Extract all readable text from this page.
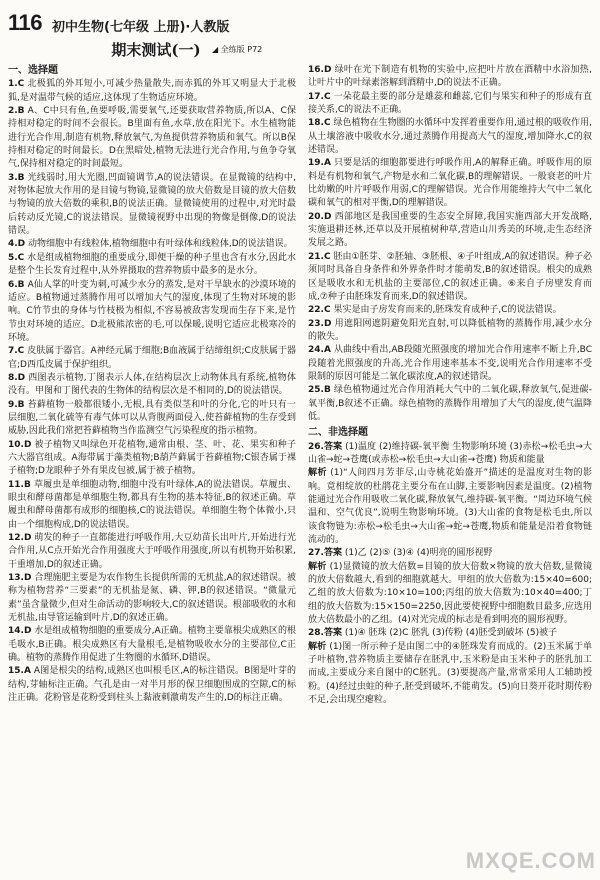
116 初中生物(七年级 上册)·人教版
期末测试(一)	◢ 全练版 P72
一、选择题

1.C 北极狐的外耳短小,可减少热量散失,而赤狐的外耳又明显大于北极狐,是对温带气候的适应,这体现了生物适应环境。

2.B A、C中只有鱼,鱼要呼吸,需要氧气,还要获取营养物质,所以A、C保持相对稳定的时间不会很长。B里面有鱼,水草,放在阳光下。水生植物能进行光合作用,制造有机物,释放氧气,为鱼提供营养物质和氧气。所以B保持相对稳定的时间最长。D在黑暗处,植物无法进行光合作用,与鱼争夺氧气,保持相对稳定的时间最短。

3.B 光线弱时,用大光圈,凹面镜调节,A的说法错误。在显微镜的结构中,对物体起放大作用的是目镜与物镜,显微镜的放大倍数是目镜的放大倍数与物镜的放大倍数的乘积,B的说法正确。显微镜使用的过程中,对光时最后转动反光镜,C的说法错误。显微镜视野中出现的物像是倒像,D的说法错误。

4.D 动物细胞中有线粒体,植物细胞中有叶绿体和线粒体,D的说法错误。

5.C 水是组成植物细胞的重要成分,即便干燥的种子里也含有水分,因此水是整个生长发育过程中,从外界摄取的营养物质中最多的是水分。

6.B A仙人掌的叶变为刺,可减少水分的蒸发,是对干旱缺水的沙漠环境的适应。B植物通过蒸腾作用可以增加大气的湿度,体现了生物对环境的影响。C竹节虫的身体与竹枝极为相似,不容易被敌害发现而生存下来,是竹节虫对环境的适应。D北极熊浓密的毛,可以保暖,说明它适应北极寒冷的环境。

7.C 皮肤属于器官。A神经元属于细胞;B血液属于结缔组织;C皮肤属于器官;D西瓜皮属于保护组织。

8.D 西图表示植物,丁图表示人体,在结构层次上动物体具有系统,植物体没有。甲图和丁图代表的生物体的结构层次是不相同的,D的说法错误。

9.B 苔藓植物一般都很矮小,无根,具有类似茎和叶的分化,它的叶只有一层细胞,二氧化硫等有毒气体可以从背腹两面侵入,使苔藓植物的生存受到威胁,因此我们常把苔藓植物当作监测空气污染程度的指示植物。

10.D 被子植物又叫绿色开花植物,通常由根、茎、叶、花、果实和种子六大器官组成。A海带属于藻类植物;B葫芦藓属于苔藓植物;C银杏属于裸子植物;D龙眼种子外有果皮包被,属于被子植物。

11.B 草履虫是单细胞动物,细胞中没有叶绿体,A的说法错误。草履虫、眼虫和酵母菌都是单细胞生物,都具有生物的基本特征,B的叙述正确。草履虫和酵母菌都有成形的细胞核,C的说法错误。单细胞生物个体微小,只由一个细胞构成,D的说法错误。

12.D 萌发的种子一直都能进行呼吸作用,大豆幼苗长出叶片,开始进行光合作用,从C点开始光合作用强度大于呼吸作用强度,所以有机物开始积累,干重增加,D的叙述正确。

13.D 合理施肥主要是为农作物生长提供所需的无机盐,A的叙述错误。被称为植物营养“三要素”的无机盐是氮、磷、钾,B的叙述错误。“微量元素”虽含量微少,但对生命活动的影响较大,C的叙述错误。根部吸收的水和无机盐,由导管运输到叶片,D的叙述正确。

14.D 水是组成植物细胞的重要成分,A正确。植物主要靠根尖成熟区的根毛吸水,B正确。根尖成熟区有大量根毛,是植物吸收水分的主要部位,C正确。植物的蒸腾作用促进了生物圈的水循环,D错误。

15.A A图是根尖的结构,成熟区也叫根毛区,A的标注错误。B图是叶芽的结构,芽轴标注正确。气孔是由一对半月形的保卫细胞围成的空隙,C的标注正确。花粉管是花粉受到柱头上黏液刺激萌发产生的,D的标注正确。

16.D 绿叶在光下制造有机物的实验中,应把叶片放在酒精中水浴加热,让叶片中的叶绿素溶解到酒精中,D的说法不正确。

17.C 一朵花最主要的部分是雄蕊和雌蕊,它们与果实和种子的形成有直接关系,C的说法不正确。

18.C 绿色植物在生物圈的水循环中发挥着重要作用,通过根的吸收作用,从土壤溶液中吸收水分,通过蒸腾作用提高大气的湿度,增加降水,C的叙述错误。

19.A 只要是活的细胞都要进行呼吸作用,A的解释正确。呼吸作用的原料是有机物和氧气,产物是水和二氧化碳,B的理解错误。一般衰老的叶片比幼嫩的叶片呼吸作用弱,C的理解错误。光合作用能维持大气中二氧化碳和氧气的相对平衡,D的理解错误。

20.D 西部地区是我国重要的生态安全屏障,我国实施西部大开发战略,实施退耕还林,还草以及开展植树种草,营造山川秀美的环境,走生态经济发展之路。

21.C 胚由①胚芽、②胚轴、③胚根、④子叶组成,A的叙述错误。种子必须同时具备自身条件和外界条件时才能萌发,B的叙述错误。根尖的成熟区是吸收水和无机盐的主要部位,C的叙述正确。⑥来自子房壁发育而成,⑦种子由胚珠发育而来,D的叙述错误。

22.C 果实是由子房发育而来的,胚珠发育成种子,C的说法错误。

23.D 用遮阳网遮阴避免阳光直射,可以降低植物的蒸腾作用,减少水分的散失。

24.A 从曲线中看出,AB段随光照强度的增加光合作用速率不断上升,BC段随着光照强度的升高,光合作用速率基本不变,说明光合作用速率不受限制的原因可能是二氧化碳浓度,A的叙述错误。

25.B 绿色植物通过光合作用消耗大气中的二氧化碳,释放氧气,促进碳-氧平衡,B叙述不正确。绿色植物的蒸腾作用增加了大气的湿度,使气温降低。

二、非选择题

26.答案 (1)温度 (2)维持碳-氧平衡 生物影响环境 (3)赤松→松毛虫→大山雀→蛇→苍鹰(或赤松→松毛虫→大山雀→苍鹰) 物质和能量

解析 (1)“人间四月芳菲尽,山寺桃花始盛开”描述的是温度对生物的影响。竟相绽放的杜鹃花主要分布在山脚,主要影响因素是温度。(2)植物能通过光合作用吸收二氧化碳,释放氧气,维持碳-氧平衡。“周边环境气候温和、空气优良”,说明生物影响环境。(3)大山雀的食物是松毛虫,所以该食物链为:赤松→松毛虫→大山雀→蛇→苍鹰,物质和能量是沿着食物链流动的。

27.答案 (1)乙 (2)⑤ (3)④ (4)明亮的圆形视野

解析 (1)显微镜的放大倍数=目镜的放大倍数×物镜的放大倍数,显微镜的放大倍数越大,看到的细胞就越大。甲组的放大倍数为:15×40=600;乙组的放大倍数为:10×10=100;丙组的放大倍数为:10×40=400;丁组的放大倍数为:15×150=2250,因此要使视野中细胞数目最多,应选用放大倍数最小的乙组。(4)对光完成的标志是看到明亮的圆形视野。

28.答案 (1)④ 胚珠 (2)C 胚乳 (3)传粉 (4)胚受到破坏 (5)被子

解析 (1)图一所示种子是由图二中的④胚珠发育而成的。(2)玉米属于单子叶植物,营养物质主要储存在胚乳中,玉米粉是由玉米种子的胚乳加工而成,主要成分来自图中的C胚乳。(3)要提高产量,常常采用人工辅助授粉。(4)经过虫蛀的种子,胚受到破坏,不能萌发。(5)向日葵开花时期传粉不足,会出现空瘪粒。

MXQE.COM
